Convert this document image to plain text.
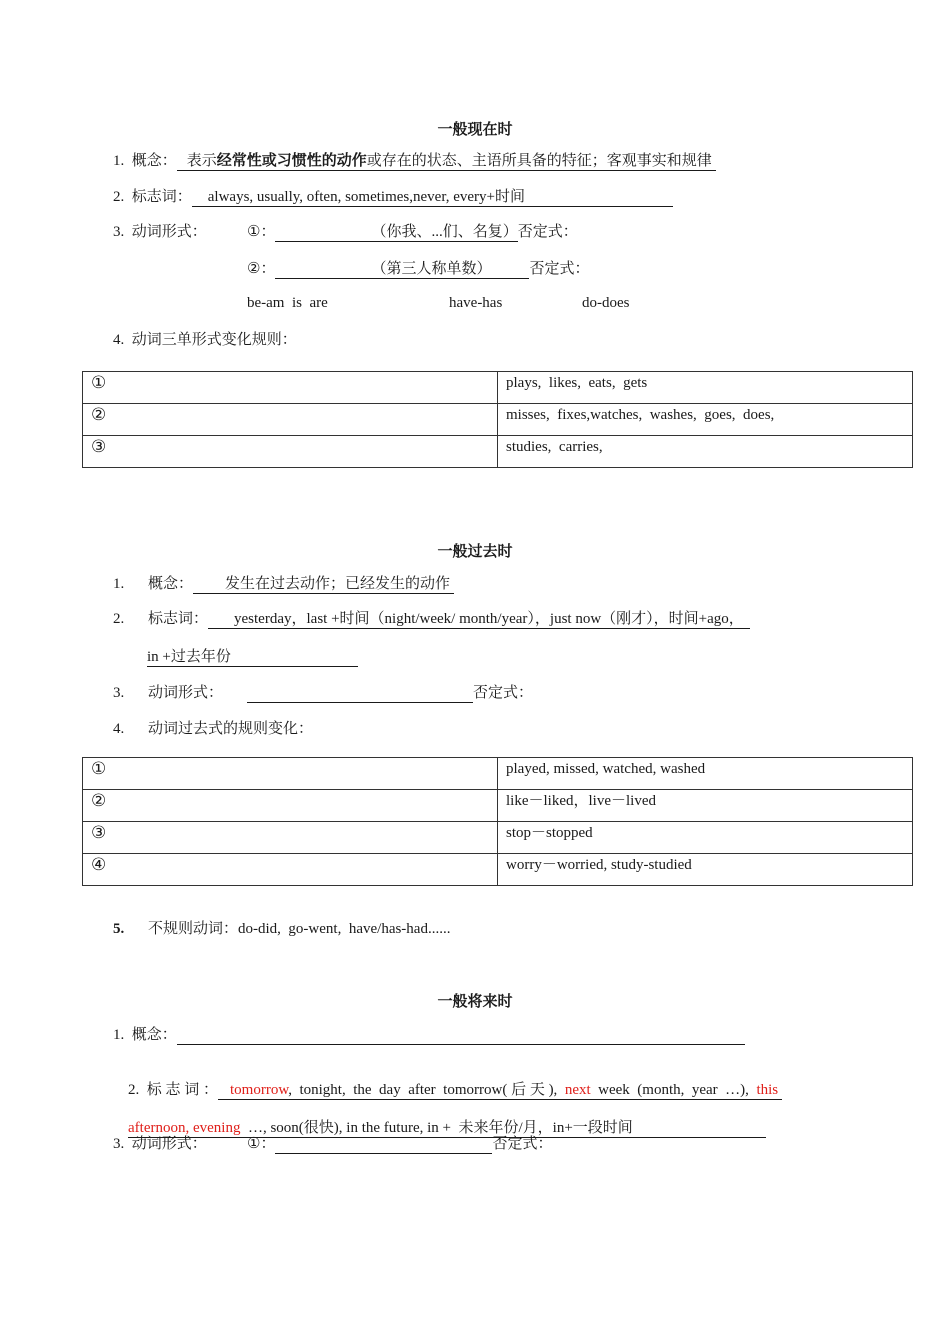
一般现在时
1. 概念： 表示经常性或习惯性的动作或存在的状态、主语所具备的特征；客观事实和规律
2. 标志词： always, usually, often, sometimes,never, every+时间
3. 动词形式：	①：	（你我、...们、名复）否定式：
②：	（第三人称单数）	否定式：
be-am  is  are	have-has	do-does
4. 动词三单形式变化规则：
①	plays,  likes,  eats,  gets
②	misses,  fixes,watches,  washes,  goes,  does,
③	studies,  carries,
一般过去时
1. 概念： 发生在过去动作；已经发生的动作
2. 标志词： yesterday，last +时间（night/week/ month/year），just now（刚才），时间+ago，
in +过去年份
3. 动词形式：	否定式：
4. 动词过去式的规则变化：
①	played, missed, watched, washed
②	like－liked，live－lived
③	stop－stopped
④	worry－worried, study-studied
5. 不规则动词：do-did,  go-went,  have/has-had......
一般将来时
1. 概念：

2. 标 志 词 ： tomorrow,  tonight,  the  day  after  tomorrow( 后 天 ),  next  week  (month,  year  …),  this

afternoon, evening  …, soon(很快), in the future, in +  未来年份/月，in+一段时间

3. 动词形式：	①：	否定式：
